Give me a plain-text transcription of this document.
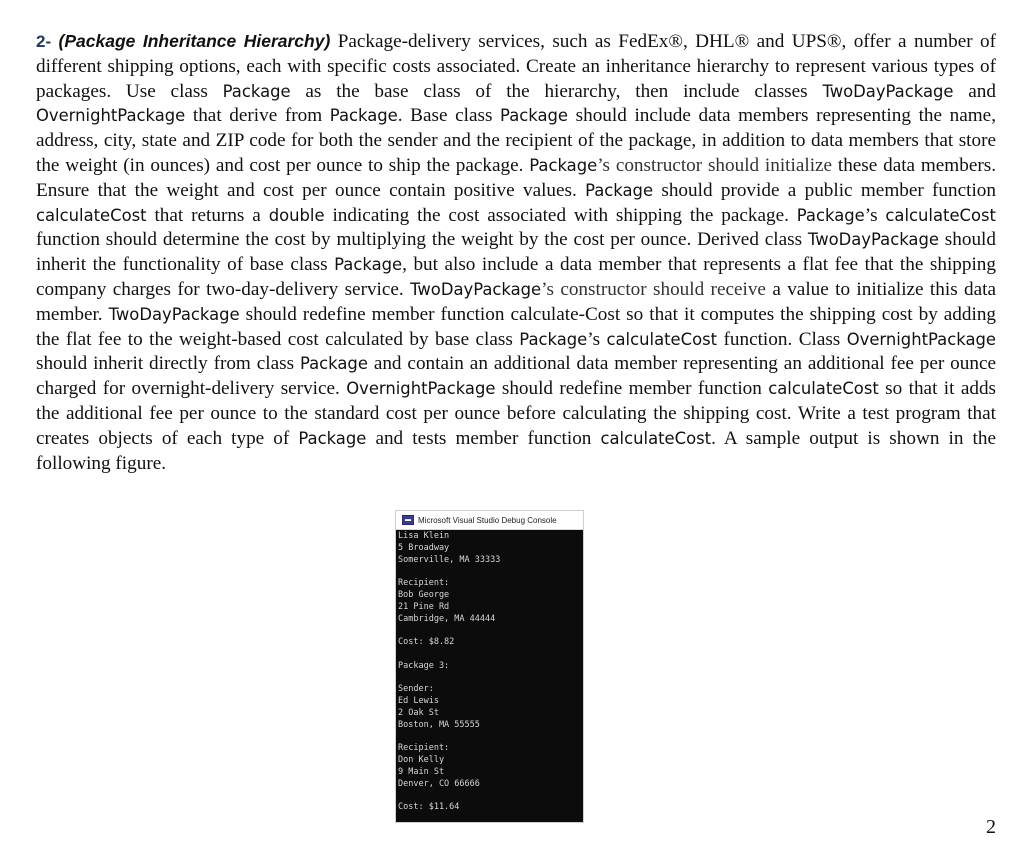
2- (Package Inheritance Hierarchy) Package-delivery services, such as FedEx®, DHL® and UPS®, offer a number of different shipping options, each with specific costs associated. Create an inheritance hierarchy to represent various types of packages. Use class Package as the base class of the hierarchy, then include classes TwoDayPackage and OvernightPackage that derive from Package. Base class Package should include data members representing the name, address, city, state and ZIP code for both the sender and the recipient of the package, in addition to data members that store the weight (in ounces) and cost per ounce to ship the package. Package’s constructor should initialize these data members. Ensure that the weight and cost per ounce contain positive values. Package should provide a public member function calculateCost that returns a double indicating the cost associated with shipping the package. Package’s calculateCost function should determine the cost by multiplying the weight by the cost per ounce. Derived class TwoDayPackage should inherit the functionality of base class Package, but also include a data member that represents a flat fee that the shipping company charges for two-day-delivery service. TwoDayPackage’s constructor should receive a value to initialize this data member. TwoDayPackage should redefine member function calculate-Cost so that it computes the shipping cost by adding the flat fee to the weight-based cost calculated by base class Package’s calculateCost function. Class OvernightPackage should inherit directly from class Package and contain an additional data member representing an additional fee per ounce charged for overnight-delivery service. OvernightPackage should redefine member function calculateCost so that it adds the additional fee per ounce to the standard cost per ounce before calculating the shipping cost. Write a test program that creates objects of each type of Package and tests member function calculateCost. A sample output is shown in the following figure.

▬ Microsoft Visual Studio Debug Console
Lisa Klein
5 Broadway
Somerville, MA 33333
Recipient:
Bob George
21 Pine Rd
Cambridge, MA 44444
Cost: $8.82
Package 3:
Sender:
Ed Lewis
2 Oak St
Boston, MA 55555
Recipient:
Don Kelly
9 Main St
Denver, CO 66666
Cost: $11.64
2
